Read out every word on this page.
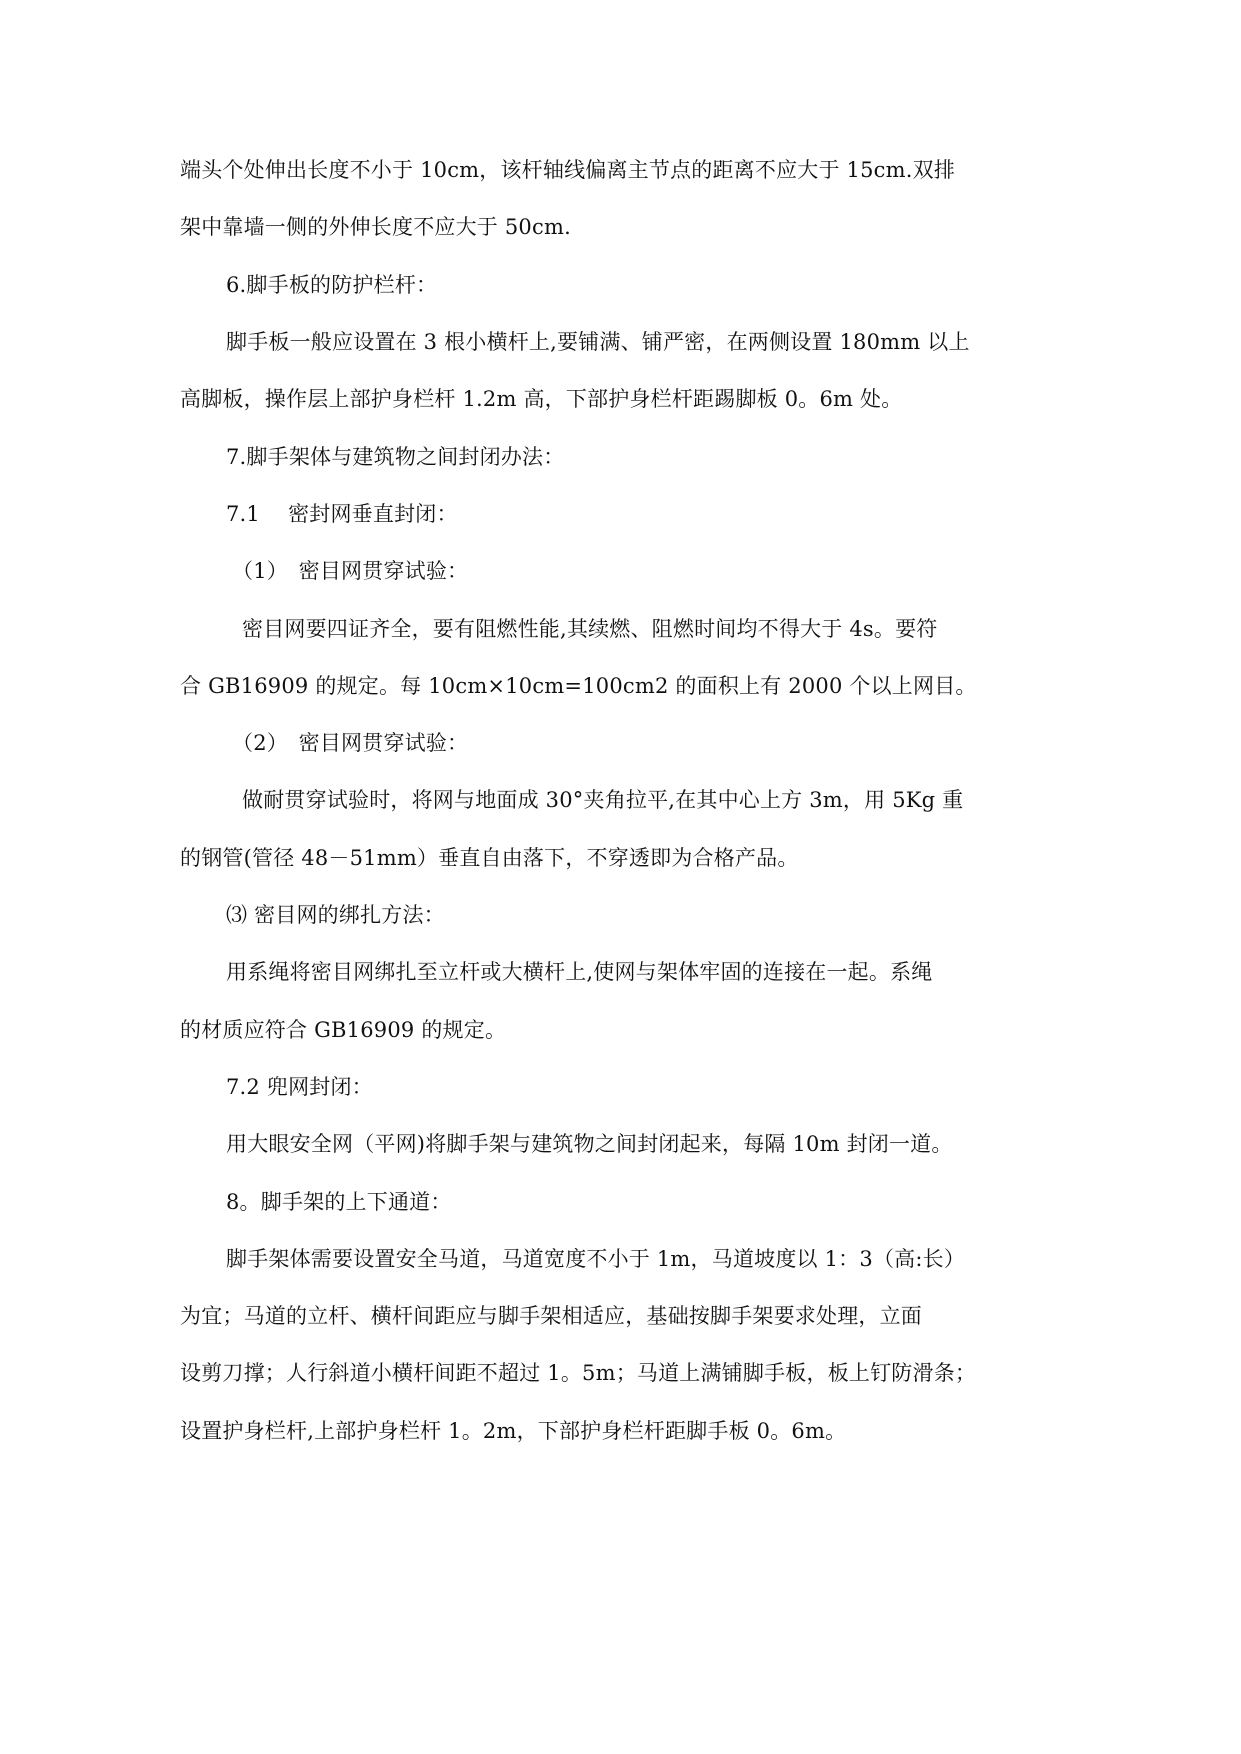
端头个处伸出长度不小于 10cm，该杆轴线偏离主节点的距离不应大于 15cm.双排
架中靠墙一侧的外伸长度不应大于 50cm.
6.脚手板的防护栏杆：
脚手板一般应设置在 3 根小横杆上,要铺满、铺严密，在两侧设置 180mm 以上
高脚板，操作层上部护身栏杆 1.2m 高，下部护身栏杆距踢脚板 0。6m 处。
7.脚手架体与建筑物之间封闭办法：
7.1　 密封网垂直封闭：
（1）　密目网贯穿试验：
密目网要四证齐全，要有阻燃性能,其续燃、阻燃时间均不得大于 4s。要符
合 GB16909 的规定。每 10cm×10cm=100cm2 的面积上有 2000 个以上网目。
（2）　密目网贯穿试验：
做耐贯穿试验时，将网与地面成 30°夹角拉平,在其中心上方 3m，用 5Kg 重
的钢管(管径 48－51mm）垂直自由落下，不穿透即为合格产品。
⑶ 密目网的绑扎方法：
用系绳将密目网绑扎至立杆或大横杆上,使网与架体牢固的连接在一起。系绳
的材质应符合 GB16909 的规定。
7.2 兜网封闭：
用大眼安全网（平网)将脚手架与建筑物之间封闭起来，每隔 10m 封闭一道。
8。脚手架的上下通道：
脚手架体需要设置安全马道，马道宽度不小于 1m，马道坡度以 1：3（高:长）
为宜；马道的立杆、横杆间距应与脚手架相适应，基础按脚手架要求处理，立面
设剪刀撑；人行斜道小横杆间距不超过 1。5m；马道上满铺脚手板，板上钉防滑条；
设置护身栏杆,上部护身栏杆 1。2m，下部护身栏杆距脚手板 0。6m。
